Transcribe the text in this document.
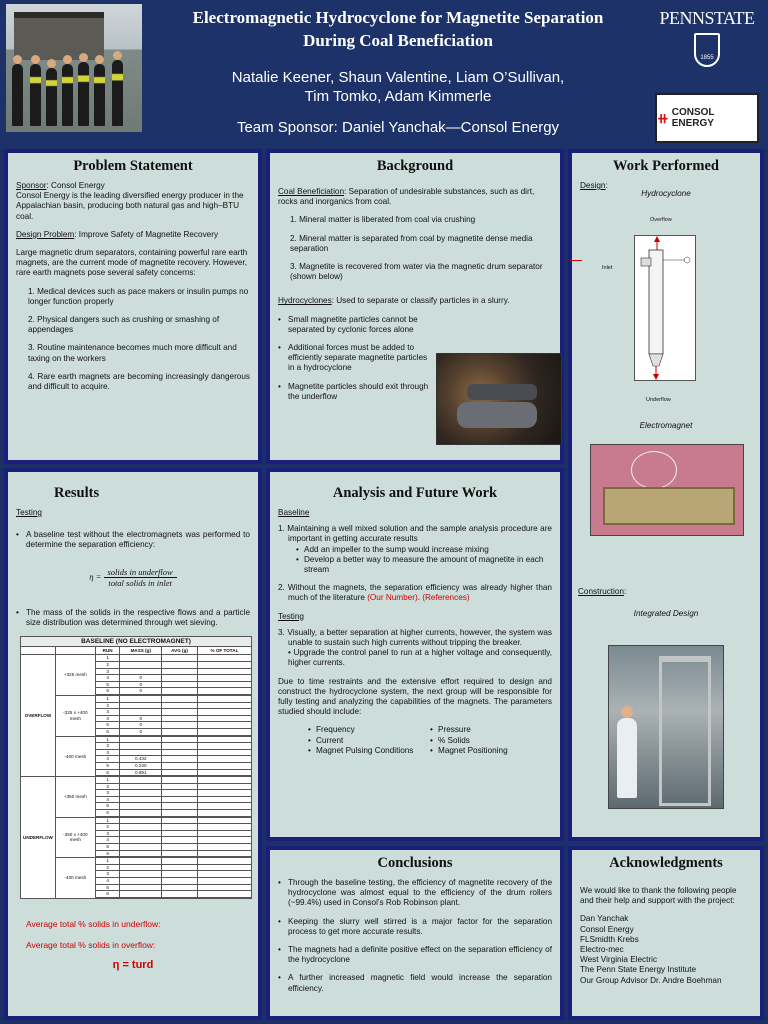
Electromagnetic Hydrocyclone for Magnetite Separation
During Coal Beneficiation
Natalie Keener, Shaun Valentine, Liam O’Sullivan,
Tim Tomko, Adam Kimmerle
Team Sponsor: Daniel Yanchak—Consol Energy
PENNSTATE
1855
⧺ CONSOL ENERGY
Problem Statement

Sponsor: Consol Energy

Consol Energy is the leading diversified energy producer in the Appalachian basin, producing both natural gas and high–BTU coal.

Design Problem: Improve Safety of Magnetite Recovery

Large magnetic drum separators, containing powerful rare earth magnets, are the current mode of magnetite recovery. However, rare earth magnets pose several safety concerns:

1. Medical devices such as pace makers or insulin pumps no longer function properly

2. Physical dangers such as crushing or smashing of appendages

3. Routine maintenance becomes much more difficult and taxing on the workers

4. Rare earth magnets are becoming increasingly dangerous and difficult to acquire.

Background

Coal Beneficiation: Separation of undesirable substances, such as dirt, rocks and inorganics from coal.

1. Mineral matter is liberated from coal via crushing

2. Mineral matter is separated from coal by magnetite dense media separation

3. Magnetite is recovered from water via the magnetic drum separator (shown below)

Hydrocyclones: Used to separate or classify particles in a slurry.

• Small magnetite particles cannot be separated by cyclonic forces alone
• Additional forces must be added to efficiently separate magnetite particles in a hydrocyclone
• Magnetite particles should exit through the underflow
Work Performed

Design:

Hydrocyclone
Overflow
Inlet
Underflow
Electromagnet

Construction:

Integrated Design
Results

Testing

• A baseline test without the electromagnets was performed to determine the separation efficiency:
$\eta = \frac{\text{solids in underflow}}{\text{total solids in inlet}}$
• The mass of the solids in the respective flows and a particle size distribution was determined through wet sieving.
BASELINE (NO ELECTROMAGNET)					
		RUN	MASS (g)	AVG (g)	% OF TOTAL
OVERFLOW	+325 mesh	1			
		2			
		3			
		4	0		
		5	0		
		6	0		

	-325 x +400 mesh	1			
		2			
		3			
		4	0		
		5	0		
		6	0		

	-400 mesh	1			
		2			
		3			
		4	0.432		
		5	0.230		
		6	0.891		

UNDERFLOW	+350 mesh	1			
		2			
		3			
		4			
		5			
		6			

	-350 x +400 mesh	1			
		2			
		3			
		4			
		5			
		6			

	-400 mesh	1			
		2			
		3			
		4			
		5			
		6			

Average total % solids in underflow:
Average total % solids in overflow:
η = turd
Analysis and Future Work

Baseline

1. Maintaining a well mixed solution and the sample analysis procedure are important in getting accurate results

• Add an impeller to the sump would increase mixing
• Develop a better way to measure the amount of magnetite in each stream

2. Without the magnets, the separation efficiency was already higher than much of the literature (Our Number). (References)

Testing

3. Visually, a better separation at higher currents, however, the system was unable to sustain such high currents without tripping the breaker.

• Upgrade the control panel to run at a higher voltage and consequently, higher currents.

Due to time restraints and the extensive effort required to design and construct the hydrocyclone system, the next group will be responsible for fully testing and analyzing the capabilities of the magnets. The parameters studied should include:

• Frequency
• Current
• Magnet Pulsing Conditions
• Pressure
• % Solids
• Magnet Positioning
Conclusions
• Through the baseline testing, the efficiency of magnetite recovery of the hydrocyclone was almost equal to the efficiency of the drum rollers (~99.4%) used in Consol’s Rob Robinson plant.
• Keeping the slurry well stirred is a major factor for the separation process to get more accurate results.
• The magnets had a definite positive effect on the separation efficiency of the hydrocyclone
• A further increased magnetic field would increase the separation efficiency.
Acknowledgments

We would like to thank the following people and their help and support with the project:

Dan Yanchak
Consol Energy
FLSmidth Krebs
Electro-mec
West Virginia Electric
The Penn State Energy Institute
Our Group Advisor Dr. Andre Boehman
